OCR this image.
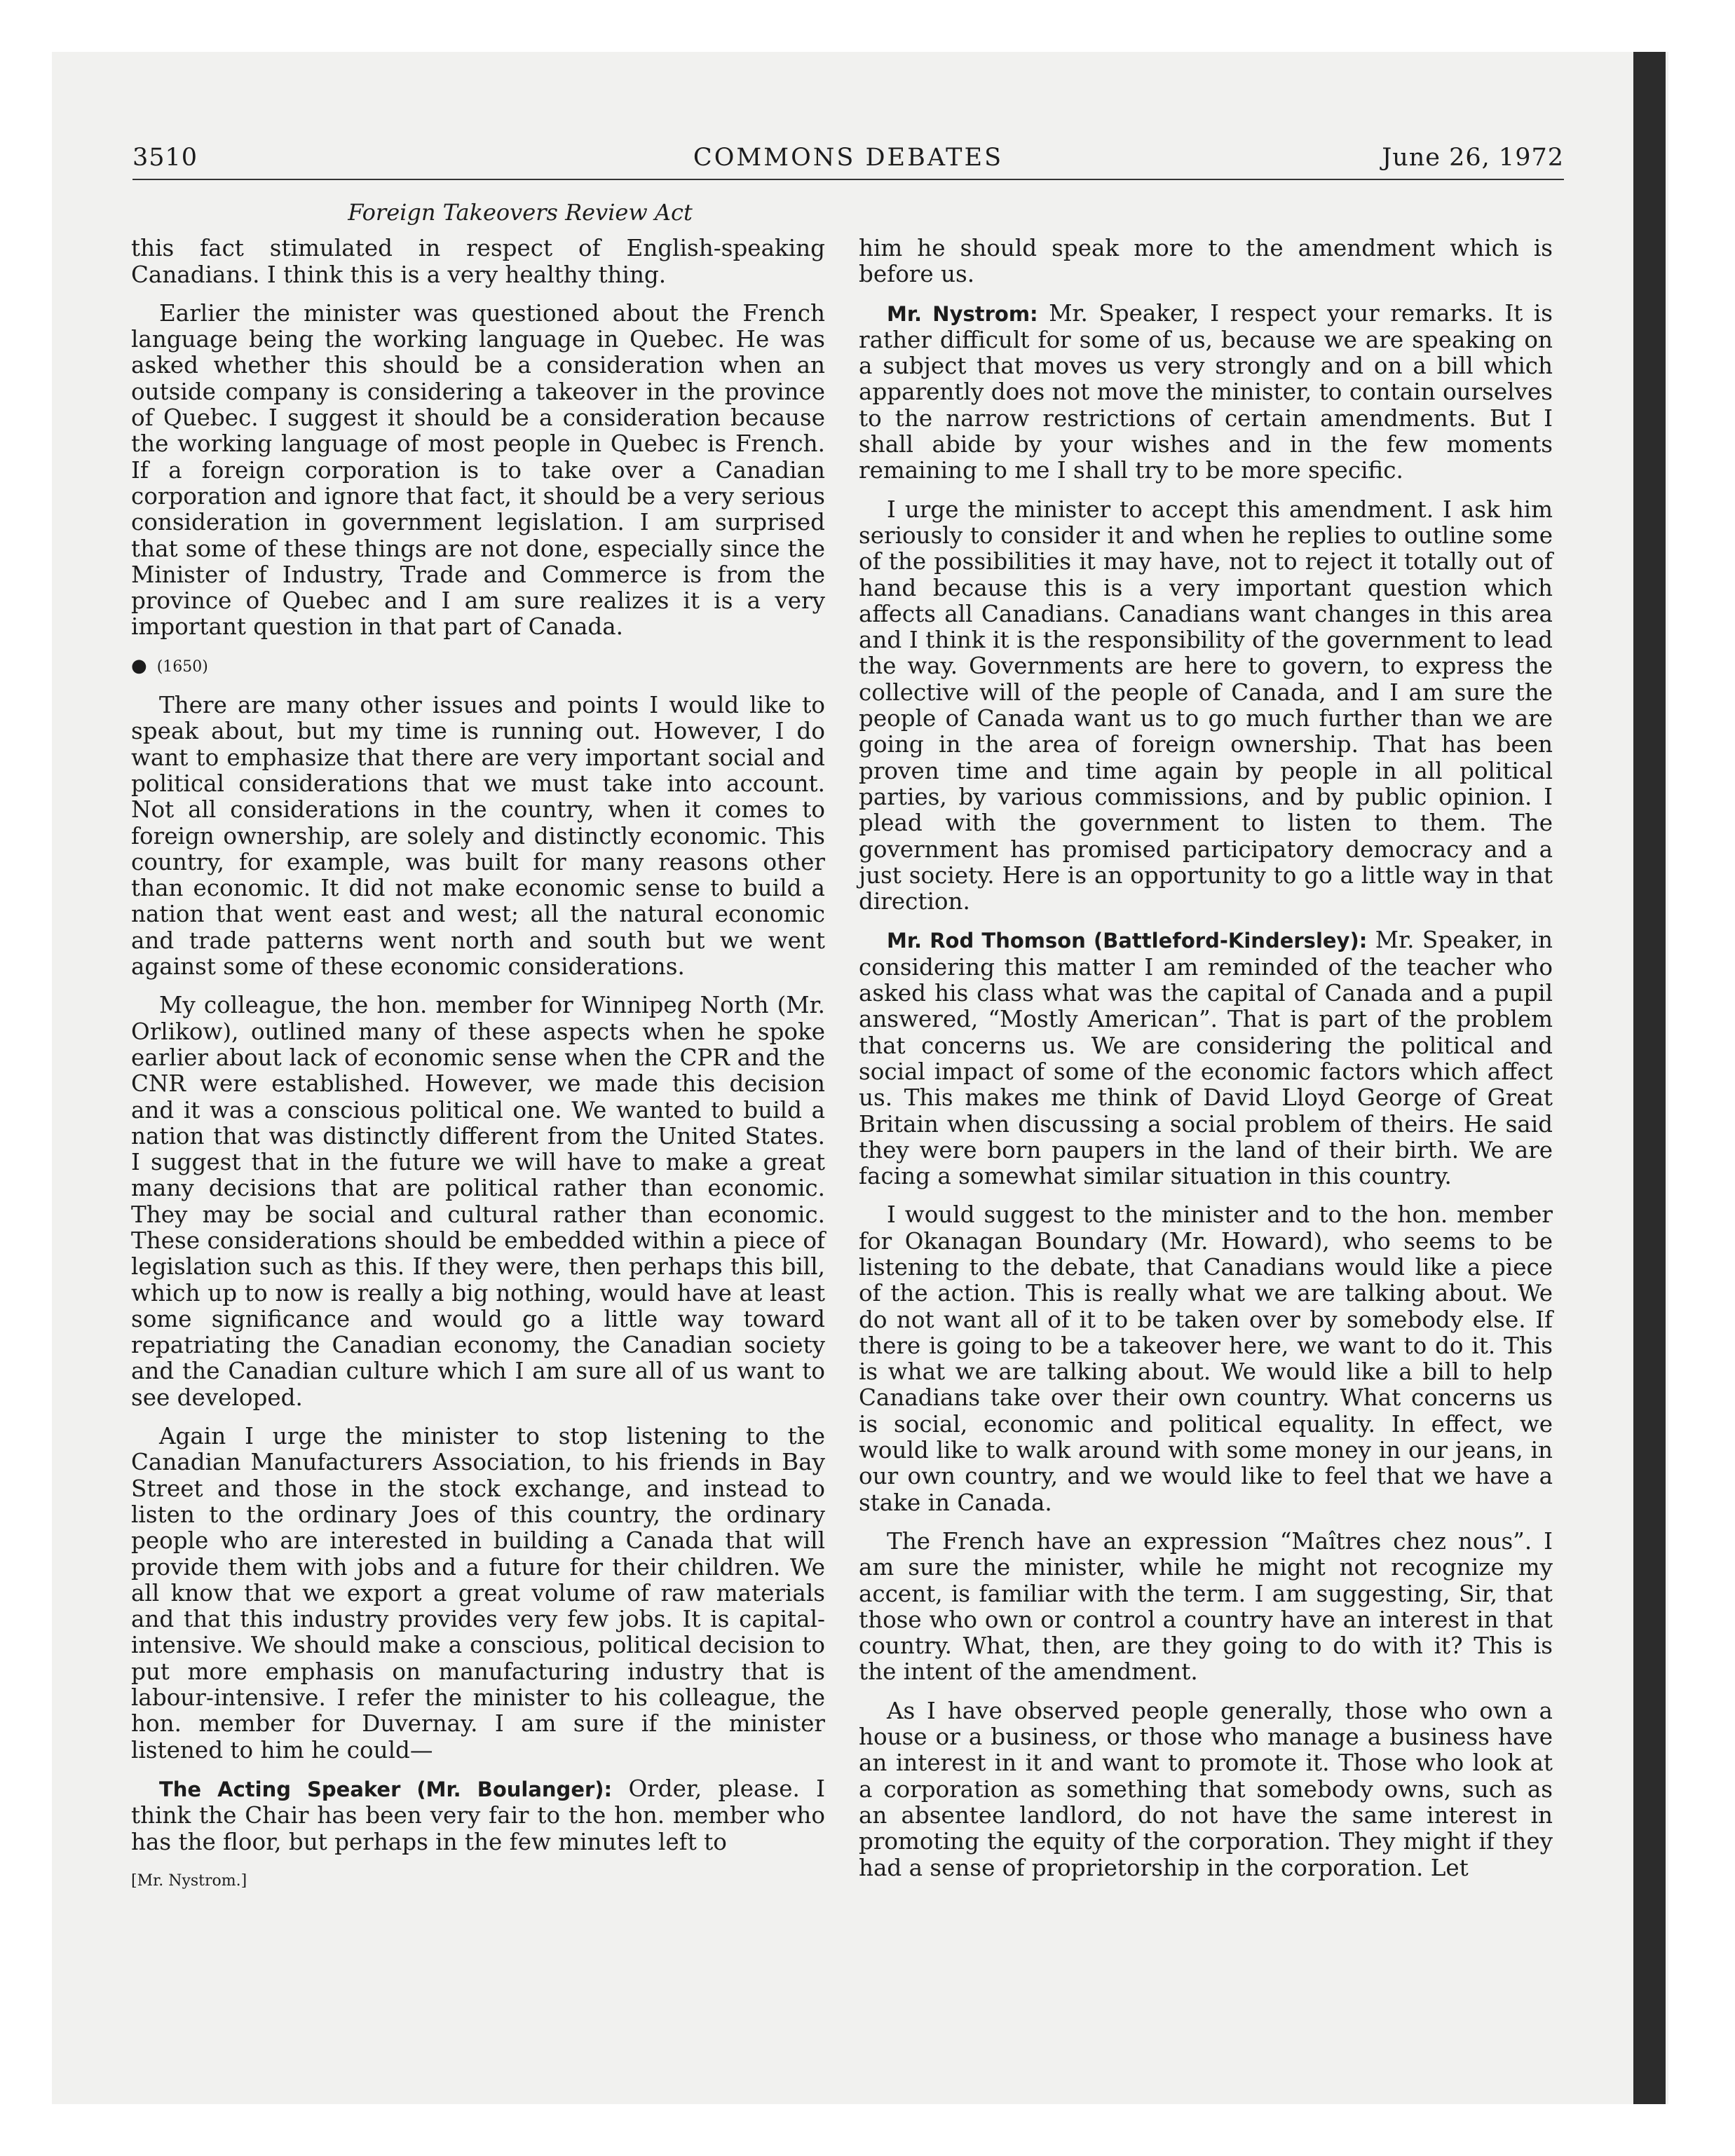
3510	COMMONS DEBATES	June 26, 1972
Foreign Takeovers Review Act

this fact stimulated in respect of English-speaking Canadians. I think this is a very healthy thing.

Earlier the minister was questioned about the French language being the working language in Quebec. He was asked whether this should be a consideration when an outside company is considering a takeover in the province of Quebec. I suggest it should be a consideration because the working language of most people in Quebec is French. If a foreign corporation is to take over a Canadian corporation and ignore that fact, it should be a very serious consideration in government legislation. I am surprised that some of these things are not done, especially since the Minister of Industry, Trade and Commerce is from the province of Quebec and I am sure realizes it is a very important question in that part of Canada.

● (1650)

There are many other issues and points I would like to speak about, but my time is running out. However, I do want to emphasize that there are very important social and political considerations that we must take into account. Not all considerations in the country, when it comes to foreign ownership, are solely and distinctly economic. This country, for example, was built for many reasons other than economic. It did not make economic sense to build a nation that went east and west; all the natural economic and trade patterns went north and south but we went against some of these economic considerations.

My colleague, the hon. member for Winnipeg North (Mr. Orlikow), outlined many of these aspects when he spoke earlier about lack of economic sense when the CPR and the CNR were established. However, we made this decision and it was a conscious political one. We wanted to build a nation that was distinctly different from the United States. I suggest that in the future we will have to make a great many decisions that are political rather than economic. They may be social and cultural rather than economic. These considerations should be embedded within a piece of legislation such as this. If they were, then perhaps this bill, which up to now is really a big nothing, would have at least some significance and would go a little way toward repatriating the Canadian economy, the Canadian society and the Canadian culture which I am sure all of us want to see developed.

Again I urge the minister to stop listening to the Canadian Manufacturers Association, to his friends in Bay Street and those in the stock exchange, and instead to listen to the ordinary Joes of this country, the ordinary people who are interested in building a Canada that will provide them with jobs and a future for their children. We all know that we export a great volume of raw materials and that this industry provides very few jobs. It is capital-intensive. We should make a conscious, political decision to put more emphasis on manufacturing industry that is labour-intensive. I refer the minister to his colleague, the hon. member for Duvernay. I am sure if the minister listened to him he could—

The Acting Speaker (Mr. Boulanger): Order, please. I think the Chair has been very fair to the hon. member who has the floor, but perhaps in the few minutes left to

[Mr. Nystrom.]

him he should speak more to the amendment which is before us.

Mr. Nystrom: Mr. Speaker, I respect your remarks. It is rather difficult for some of us, because we are speaking on a subject that moves us very strongly and on a bill which apparently does not move the minister, to contain ourselves to the narrow restrictions of certain amendments. But I shall abide by your wishes and in the few moments remaining to me I shall try to be more specific.

I urge the minister to accept this amendment. I ask him seriously to consider it and when he replies to outline some of the possibilities it may have, not to reject it totally out of hand because this is a very important question which affects all Canadians. Canadians want changes in this area and I think it is the responsibility of the government to lead the way. Governments are here to govern, to express the collective will of the people of Canada, and I am sure the people of Canada want us to go much further than we are going in the area of foreign ownership. That has been proven time and time again by people in all political parties, by various commissions, and by public opinion. I plead with the government to listen to them. The government has promised participatory democracy and a just society. Here is an opportunity to go a little way in that direction.

Mr. Rod Thomson (Battleford-Kindersley): Mr. Speaker, in considering this matter I am reminded of the teacher who asked his class what was the capital of Canada and a pupil answered, “Mostly American”. That is part of the problem that concerns us. We are considering the political and social impact of some of the economic factors which affect us. This makes me think of David Lloyd George of Great Britain when discussing a social problem of theirs. He said they were born paupers in the land of their birth. We are facing a somewhat similar situation in this country.

I would suggest to the minister and to the hon. member for Okanagan Boundary (Mr. Howard), who seems to be listening to the debate, that Canadians would like a piece of the action. This is really what we are talking about. We do not want all of it to be taken over by somebody else. If there is going to be a takeover here, we want to do it. This is what we are talking about. We would like a bill to help Canadians take over their own country. What concerns us is social, economic and political equality. In effect, we would like to walk around with some money in our jeans, in our own country, and we would like to feel that we have a stake in Canada.

The French have an expression “Maîtres chez nous”. I am sure the minister, while he might not recognize my accent, is familiar with the term. I am suggesting, Sir, that those who own or control a country have an interest in that country. What, then, are they going to do with it? This is the intent of the amendment.

As I have observed people generally, those who own a house or a business, or those who manage a business have an interest in it and want to promote it. Those who look at a corporation as something that somebody owns, such as an absentee landlord, do not have the same interest in promoting the equity of the corporation. They might if they had a sense of proprietorship in the corporation. Let
